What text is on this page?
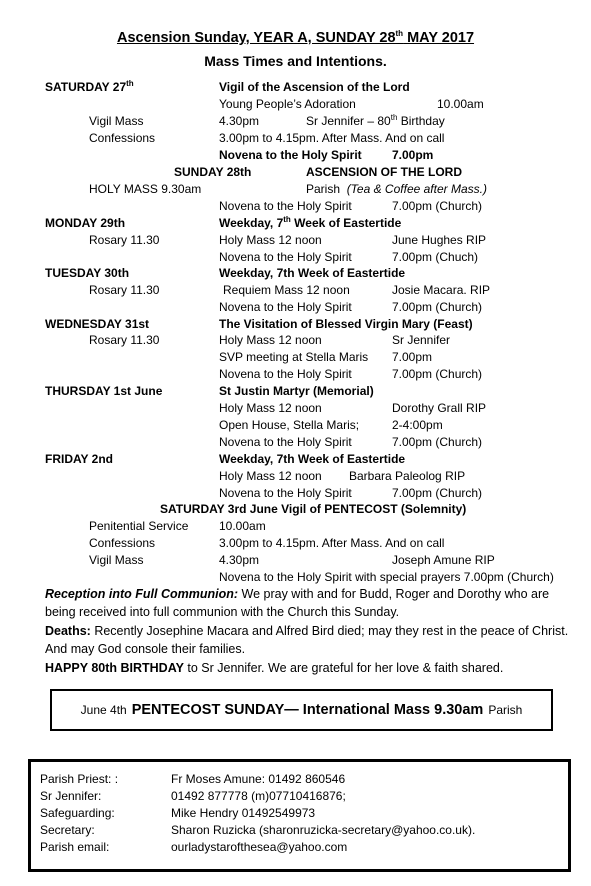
Ascension Sunday, YEAR A, SUNDAY 28th MAY 2017
Mass Times and Intentions.
SATURDAY 27th	Vigil of the Ascension of the Lord
Young People’s Adoration	10.00am
Vigil Mass	4.30pm	Sr Jennifer – 80th Birthday
Confessions	3.00pm to 4.15pm. After Mass. And on call
Novena to the Holy Spirit	7.00pm
SUNDAY 28th	ASCENSION OF THE LORD
HOLY MASS 9.30am	Parish (Tea & Coffee after Mass.)
Novena to the Holy Spirit	7.00pm (Church)
MONDAY 29th	Weekday, 7th Week of Eastertide
Rosary 11.30	Holy Mass 12 noon	June Hughes RIP
Novena to the Holy Spirit	7.00pm (Chuch)
TUESDAY 30th	Weekday, 7th Week of Eastertide
Rosary 11.30	Requiem Mass 12 noon	Josie Macara. RIP
Novena to the Holy Spirit	7.00pm (Church)
WEDNESDAY 31st	The Visitation of Blessed Virgin Mary (Feast)
Rosary 11.30	Holy Mass 12 noon	Sr Jennifer
SVP meeting at Stella Maris 7.00pm
Novena to the Holy Spirit	7.00pm (Church)
THURSDAY 1st June	St Justin Martyr (Memorial)
Holy Mass 12 noon	Dorothy Grall RIP
Open House, Stella Maris;	2-4:00pm
Novena to the Holy Spirit	7.00pm (Church)
FRIDAY 2nd	Weekday, 7th Week of Eastertide
Holy Mass 12 noon Barbara Paleolog RIP
Novena to the Holy Spirit	7.00pm (Church)
SATURDAY 3rd June Vigil of PENTECOST (Solemnity)
Penitential Service	10.00am
Confessions	3.00pm to 4.15pm. After Mass. And on call
Vigil Mass	4.30pm	Joseph Amune RIP
Novena to the Holy Spirit with special prayers 7.00pm (Church)
Reception into Full Communion: We pray with and for Budd, Roger and Dorothy who are being received into full communion with the Church this Sunday.
Deaths: Recently Josephine Macara and Alfred Bird died; may they rest in the peace of Christ. And may God console their families.
HAPPY 80th BIRTHDAY to Sr Jennifer. We are grateful for her love & faith shared.
June 4th PENTECOST SUNDAY— International Mass 9.30am Parish
Parish Priest: :	Fr Moses Amune: 01492 860546
Sr Jennifer:	01492 877778 (m)07710416876;
Safeguarding:	Mike Hendry 01492549973
Secretary:	Sharon Ruzicka (sharonruzicka-secretary@yahoo.co.uk).
Parish email:	ourladystaroftheseа@yahoo.com
